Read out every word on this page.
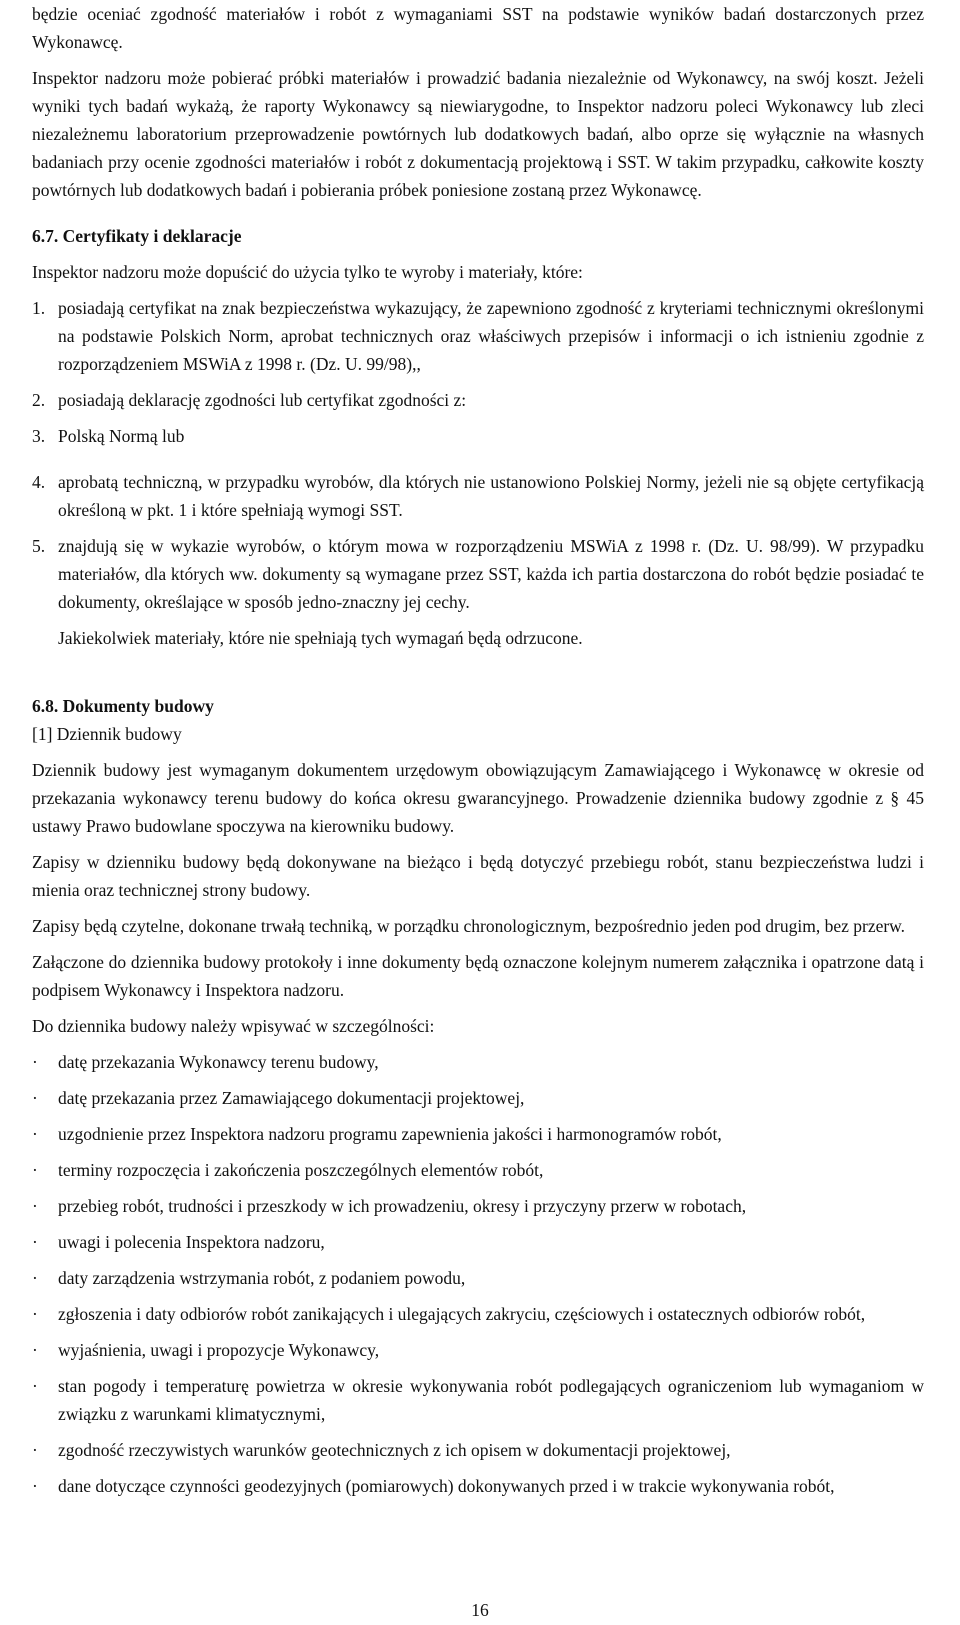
będzie oceniać zgodność materiałów i robót z wymaganiami SST na podstawie wyników badań dostarczonych przez Wykonawcę.

Inspektor nadzoru może pobierać próbki materiałów i prowadzić badania niezależnie od Wykonawcy, na swój koszt. Jeżeli wyniki tych badań wykażą, że raporty Wykonawcy są niewiarygodne, to Inspektor nadzoru poleci Wykonawcy lub zleci niezależnemu laboratorium przeprowadzenie powtórnych lub dodatkowych badań, albo oprze się wyłącznie na własnych badaniach przy ocenie zgodności materiałów i robót z dokumentacją projektową i SST. W takim przypadku, całkowite koszty powtórnych lub dodatkowych badań i pobierania próbek poniesione zostaną przez Wykonawcę.

6.7. Certyfikaty i deklaracje

Inspektor nadzoru może dopuścić do użycia tylko te wyroby i materiały, które:

1. posiadają certyfikat na znak bezpieczeństwa wykazujący, że zapewniono zgodność z kryteriami technicznymi określonymi na podstawie Polskich Norm, aprobat technicznych oraz właściwych przepisów i informacji o ich istnieniu zgodnie z rozporządzeniem MSWiA z 1998 r. (Dz. U. 99/98),,
2. posiadają deklarację zgodności lub certyfikat zgodności z:
3. Polską Normą lub
4. aprobatą techniczną, w przypadku wyrobów, dla których nie ustanowiono Polskiej Normy, jeżeli nie są objęte certyfikacją określoną w pkt. 1 i które spełniają wymogi SST.
5. znajdują się w wykazie wyrobów, o którym mowa w rozporządzeniu MSWiA z 1998 r. (Dz. U. 98/99). W przypadku materiałów, dla których ww. dokumenty są wymagane przez SST, każda ich partia dostarczona do robót będzie posiadać te dokumenty, określające w sposób jedno-znaczny jej cechy.

Jakiekolwiek materiały, które nie spełniają tych wymagań będą odrzucone.

6.8. Dokumenty budowy

[1] Dziennik budowy

Dziennik budowy jest wymaganym dokumentem urzędowym obowiązującym Zamawiającego i Wykonawcę w okresie od przekazania wykonawcy terenu budowy do końca okresu gwarancyjnego. Prowadzenie dziennika budowy zgodnie z § 45 ustawy Prawo budowlane spoczywa na kierowniku budowy.

Zapisy w dzienniku budowy będą dokonywane na bieżąco i będą dotyczyć przebiegu robót, stanu bezpieczeństwa ludzi i mienia oraz technicznej strony budowy.

Zapisy będą czytelne, dokonane trwałą techniką, w porządku chronologicznym, bezpośrednio jeden pod drugim, bez przerw.

Załączone do dziennika budowy protokoły i inne dokumenty będą oznaczone kolejnym numerem załącznika i opatrzone datą i podpisem Wykonawcy i Inspektora nadzoru.

Do dziennika budowy należy wpisywać w szczególności:

·	datę przekazania Wykonawcy terenu budowy,
·	datę przekazania przez Zamawiającego dokumentacji projektowej,
·	uzgodnienie przez Inspektora nadzoru programu zapewnienia jakości i harmonogramów robót,
·	terminy rozpoczęcia i zakończenia poszczególnych elementów robót,
·	przebieg robót, trudności i przeszkody w ich prowadzeniu, okresy i przyczyny przerw w robotach,
·	uwagi i polecenia Inspektora nadzoru,
·	daty zarządzenia wstrzymania robót, z podaniem powodu,
·	zgłoszenia i daty odbiorów robót zanikających i ulegających zakryciu, częściowych i ostatecznych odbiorów robót,
·	wyjaśnienia, uwagi i propozycje Wykonawcy,
·	stan pogody i temperaturę powietrza w okresie wykonywania robót podlegających ograniczeniom lub wymaganiom w związku z warunkami klimatycznymi,
·	zgodność rzeczywistych warunków geotechnicznych z ich opisem w dokumentacji projektowej,
·	dane dotyczące czynności geodezyjnych (pomiarowych) dokonywanych przed i w trakcie wykonywania robót,
16
